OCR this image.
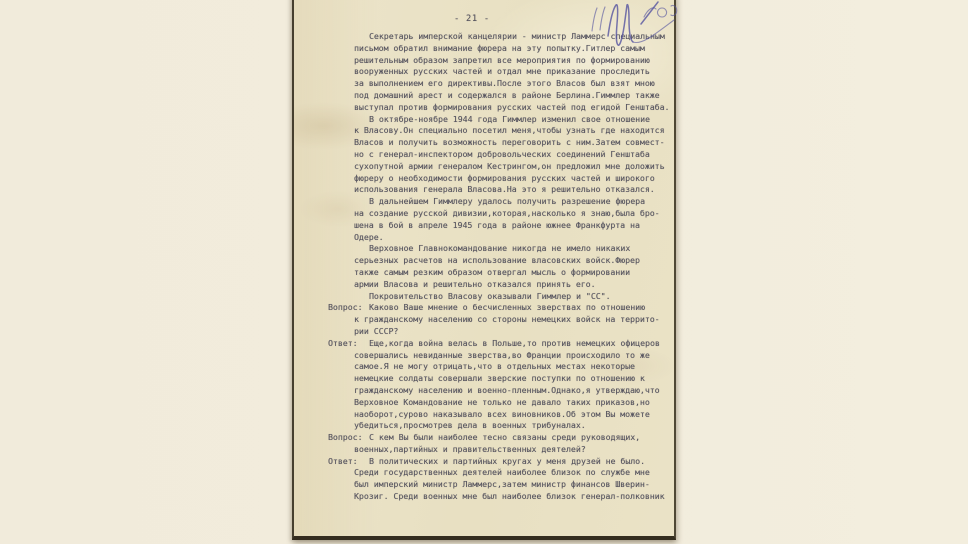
- 21 -
Секретарь имперской канцелярии - министр Ламмерс специальным
письмом обратил внимание фюрера на эту попытку.Гитлер самым
решительным образом запретил все мероприятия по формированию
вооруженных русских частей и отдал мне приказание проследить
за выполнением его директивы.После этого Власов был взят мною
под домашний арест и содержался в районе Берлина.Гиммлер также
выступал против формирования русских частей под егидой Генштаба.
В октябре-ноябре 1944 года Гиммлер изменил свое отношение
к Власову.Он специально посетил меня,чтобы узнать где находится
Власов и получить возможность переговорить с ним.Затем совмест-
но с генерал-инспектором добровольческих соединений Генштаба
сухопутной армии генералом Кестрингом,он предложил мне доложить
фюреру о необходимости формирования русских частей и широкого
использования генерала Власова.На это я решительно отказался.
В дальнейшем Гиммлеру удалось получить разрешение фюрера
на создание русской дивизии,которая,насколько я знаю,была бро-
шена в бой в апреле 1945 года в районе южнее Франкфурта на
Одере.
Верховное Главнокомандование никогда не имело никаких
серьезных расчетов на использование власовских войск.Фюрер
также самым резким образом отвергал мысль о формировании
армии Власова и решительно отказался принять его.
Покровительство Власову оказывали Гиммлер и "СС".
Вопрос: Каково Ваше мнение о бесчисленных зверствах по отношению
к гражданскому населению со стороны немецких войск на террито-
рии СССР?
Ответ:	Еще,когда война велась в Польше,то против немецких офицеров
совершались невиданные зверства,во Франции происходило то же
самое.Я не могу отрицать,что в отдельных местах некоторые
немецкие солдаты совершали зверские поступки по отношению к
гражданскому населению и военно-пленным.Однако,я утверждаю,что
Верховное Командование не только не давало таких приказов,но
наоборот,сурово наказывало всех виновников.Об этом Вы можете
убедиться,просмотрев дела в военных трибуналах.
Вопрос: С кем Вы были наиболее тесно связаны среди руководящих,
военных,партийных и правительственных деятелей?
Ответ:	В политических и партийных кругах у меня друзей не было.
Среди государственных деятелей наиболее близок по службе мне
был имперский министр Ламмерс,затем министр финансов Шверин-
Крозиг. Среди военных мне был наиболее близок генерал-полковник
